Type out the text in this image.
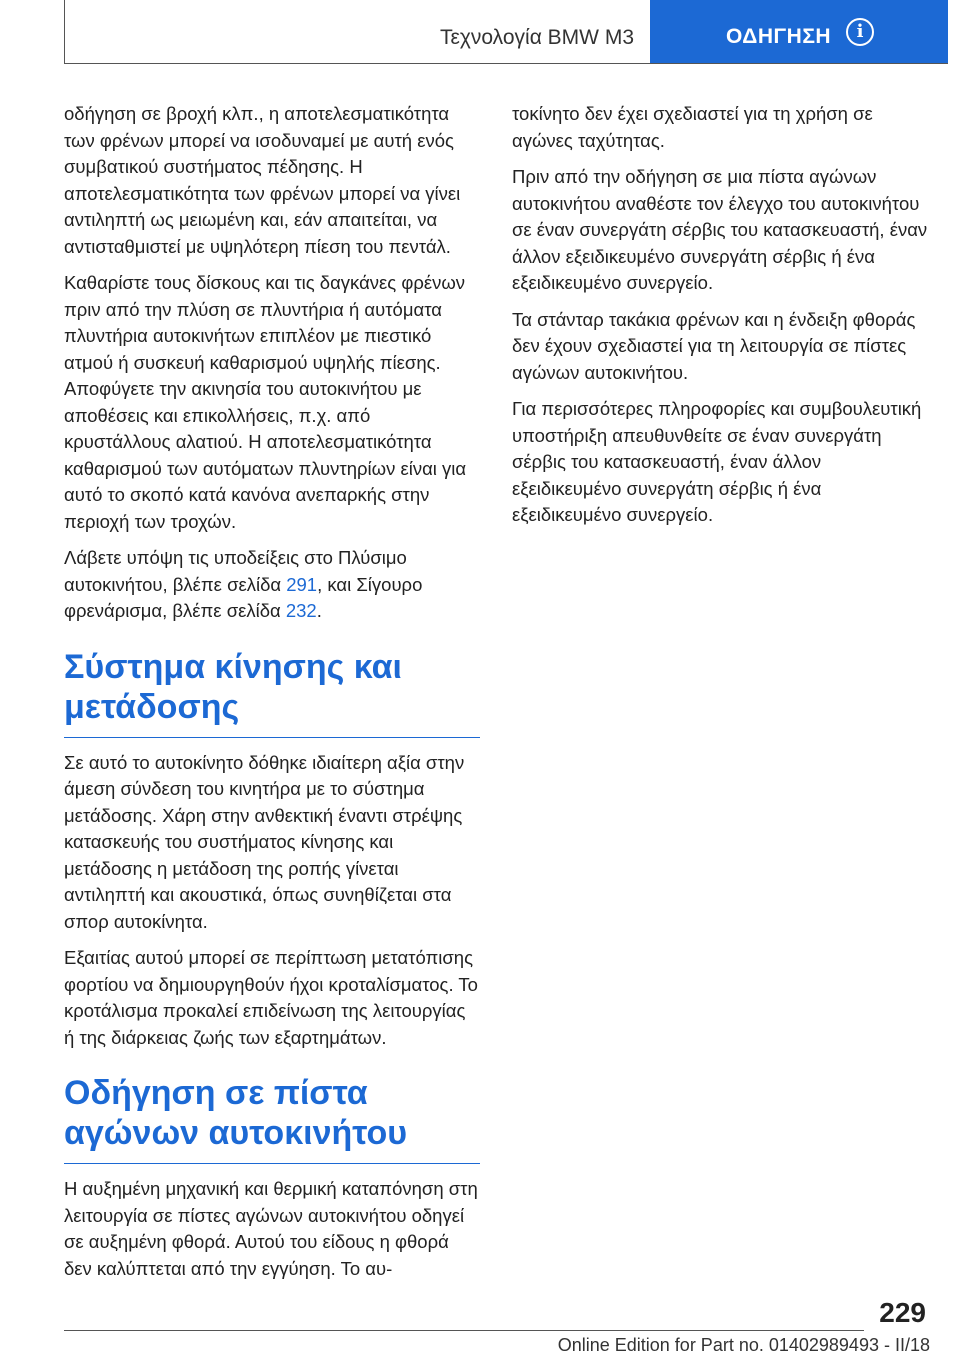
Τεχνολογία BMW M3	ΟΔΗΓΗΣΗ	i

οδήγηση σε βροχή κλπ., η αποτελεσματικότητα των φρένων μπορεί να ισοδυναμεί με αυτή ενός συμβατικού συστήματος πέδησης. Η αποτελεσματικότητα των φρένων μπορεί να γίνει αντιληπτή ως μειωμένη και, εάν απαιτείται, να αντισταθμιστεί με υψηλότερη πίεση του πεντάλ.

Καθαρίστε τους δίσκους και τις δαγκάνες φρένων πριν από την πλύση σε πλυντήρια ή αυτόματα πλυντήρια αυτοκινήτων επιπλέον με πιεστικό ατμού ή συσκευή καθαρισμού υψηλής πίεσης. Αποφύγετε την ακινησία του αυτοκινήτου με αποθέσεις και επικολλήσεις, π.χ. από κρυστάλλους αλατιού. Η αποτελεσματικότητα καθαρισμού των αυτόματων πλυντηρίων είναι για αυτό το σκοπό κατά κανόνα ανεπαρκής στην περιοχή των τροχών.

Λάβετε υπόψη τις υποδείξεις στο Πλύσιμο αυτοκινήτου, βλέπε σελίδα 291, και Σίγουρο φρενάρισμα, βλέπε σελίδα 232.

Σύστημα κίνησης και μετάδοσης

Σε αυτό το αυτοκίνητο δόθηκε ιδιαίτερη αξία στην άμεση σύνδεση του κινητήρα με το σύστημα μετάδοσης. Χάρη στην ανθεκτική έναντι στρέψης κατασκευής του συστήματος κίνησης και μετάδοσης η μετάδοση της ροπής γίνεται αντιληπτή και ακουστικά, όπως συνηθίζεται στα σπορ αυτοκίνητα.

Εξαιτίας αυτού μπορεί σε περίπτωση μετατόπισης φορτίου να δημιουργηθούν ήχοι κροταλίσματος. Το κροτάλισμα προκαλεί επιδείνωση της λειτουργίας ή της διάρκειας ζωής των εξαρτημάτων.

Οδήγηση σε πίστα αγώνων αυτοκινήτου

Η αυξημένη μηχανική και θερμική καταπόνηση στη λειτουργία σε πίστες αγώνων αυτοκινήτου οδηγεί σε αυξημένη φθορά. Αυτού του είδους η φθορά δεν καλύπτεται από την εγγύηση. Το αυ-

τοκίνητο δεν έχει σχεδιαστεί για τη χρήση σε αγώνες ταχύτητας.

Πριν από την οδήγηση σε μια πίστα αγώνων αυτοκινήτου αναθέστε τον έλεγχο του αυτοκινήτου σε έναν συνεργάτη σέρβις του κατασκευαστή, έναν άλλον εξειδικευμένο συνεργάτη σέρβις ή ένα εξειδικευμένο συνεργείο.

Τα στάνταρ τακάκια φρένων και η ένδειξη φθοράς δεν έχουν σχεδιαστεί για τη λειτουργία σε πίστες αγώνων αυτοκινήτου.

Για περισσότερες πληροφορίες και συμβουλευτική υποστήριξη απευθυνθείτε σε έναν συνεργάτη σέρβις του κατασκευαστή, έναν άλλον εξειδικευμένο συνεργάτη σέρβις ή ένα εξειδικευμένο συνεργείο.

229
Online Edition for Part no. 01402989493 - II/18
